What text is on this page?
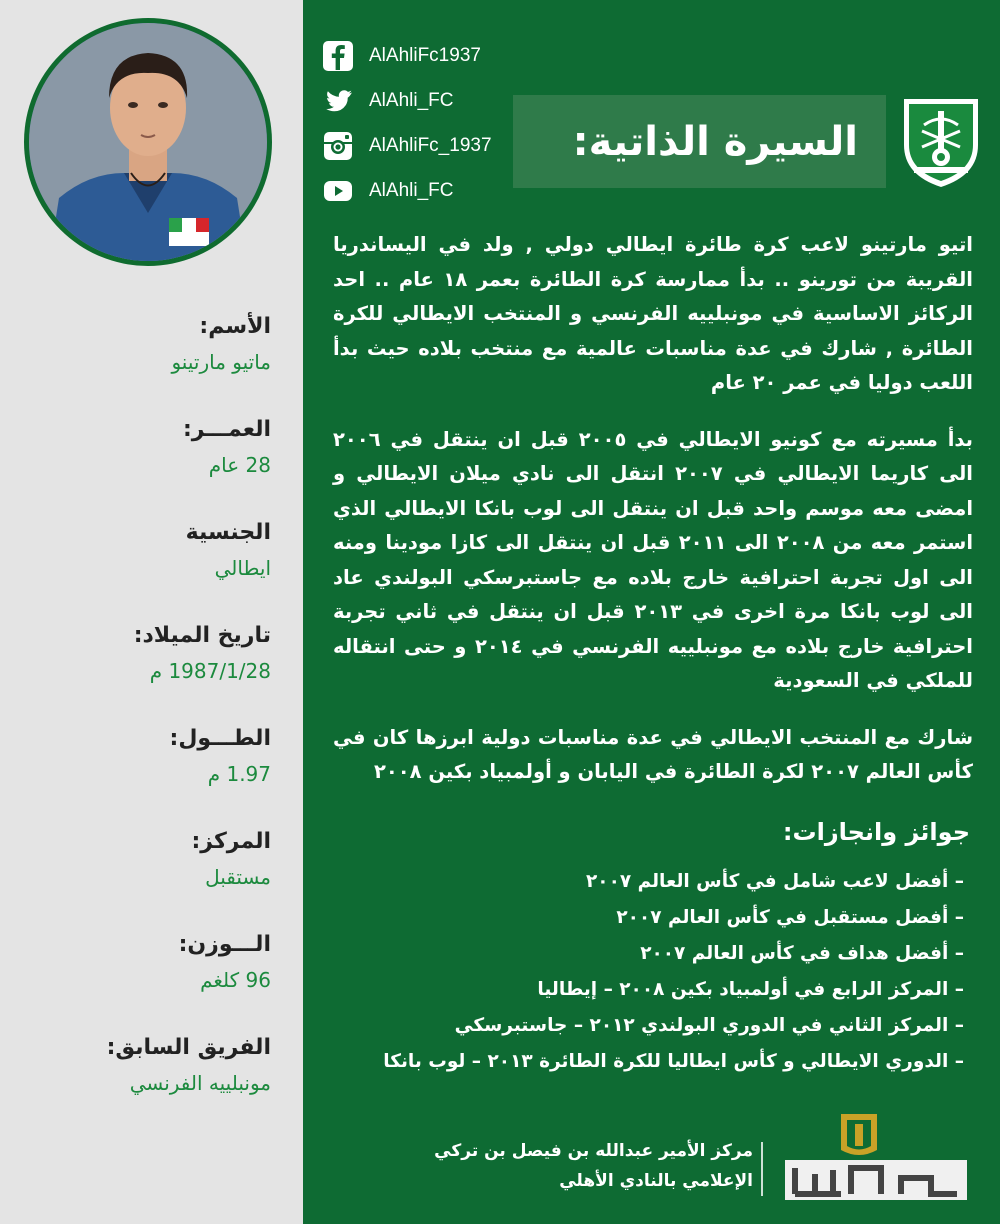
الأسم:
ماتيو مارتينو
العمـــر:
28 عام
الجنسية
ايطالي
تاريخ الميلاد:
1987/1/28 م
الطـــول:
1.97 م
المركز:
مستقبل
الـــوزن:
96 كلغم
الفريق السابق:
مونبلييه الفرنسي
AlAhliFc1937
AlAhli_FC
AlAhliFc_1937
AlAhli_FC
السيرة الذاتية:

اتيو مارتينو لاعب كرة طائرة ايطالي دولي , ولد في اليساندريا القريبة من تورينو .. بدأ ممارسة كرة الطائرة بعمر ١٨ عام .. احد الركائز الاساسية في مونبلييه الفرنسي و المنتخب الايطالي للكرة الطائرة , شارك في عدة مناسبات عالمية مع منتخب بلاده حيث بدأ اللعب دوليا في عمر ٢٠ عام

بدأ مسيرته مع كونيو الايطالي في ٢٠٠٥ قبل ان ينتقل في ٢٠٠٦ الى كاريما الايطالي في ٢٠٠٧ انتقل الى نادي ميلان الايطالي و امضى معه موسم واحد قبل ان ينتقل الى لوب بانكا الايطالي الذي استمر معه من ٢٠٠٨ الى ٢٠١١ قبل ان ينتقل الى كازا مودينا ومنه الى اول تجربة احترافية خارج بلاده مع جاستبرسكي البولندي عاد الى لوب بانكا مرة اخرى في ٢٠١٣ قبل ان ينتقل في ثاني تجربة احترافية خارج بلاده مع مونبلييه الفرنسي في ٢٠١٤ و حتى انتقاله للملكي في السعودية

شارك مع المنتخب الايطالي في عدة مناسبات دولية ابرزها كان في كأس العالم ٢٠٠٧ لكرة الطائرة في اليابان و أولمبياد بكين ٢٠٠٨

جوائز وانجازات:
– أفضل لاعب شامل في كأس العالم ٢٠٠٧
– أفضل مستقبل في كأس العالم ٢٠٠٧
– أفضل هداف في كأس العالم ٢٠٠٧
– المركز الرابع في أولمبياد بكين ٢٠٠٨ – إيطاليا
– المركز الثاني في الدوري البولندي ٢٠١٢ – جاستبرسكي
– الدوري الايطالي و كأس ايطاليا للكرة الطائرة ٢٠١٣ – لوب بانكا
مركز الأمير عبدالله بن فيصل بن تركي
الإعلامي بالنادي الأهلي
